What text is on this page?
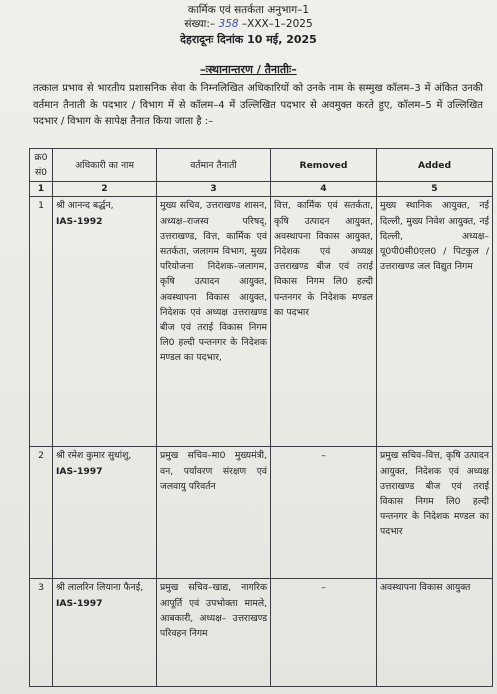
कार्मिक एवं सतर्कता अनुभाग–1
संख्या:– 358 –XXX–1–2025
देहरादूनः दिनांक 10 मई, 2025
–ःस्थानान्तरण / तैनातीः–
तत्काल प्रभाव से भारतीय प्रशासनिक सेवा के निम्नलिखित अधिकारियों को उनके नाम के सम्मुख कॉलम–3 में अंकित उनकी वर्तमान तैनाती के पदभार / विभाग में से कॉलम–4 में उल्लिखित पदभार से अवमुक्त करते हुए, कॉलम–5 में उल्लिखित पदभार / विभाग के सापेक्ष तैनात किया जाता है :–
क्र0 सं0	अधिकारी का नाम	वर्तमान तैनाती	Removed	Added
1	2	3	4	5
1	श्री आनन्द बर्द्धन,
IAS-1992	मुख्य सचिव, उत्तराखण्ड शासन, अध्यक्ष–राजस्व परिषद्, उत्तराखण्ड, वित्त, कार्मिक एवं सतर्कता, जलागम विभाग, मुख्य परियोजना निदेशक–जलागम, कृषि उत्पादन आयुक्त, अवस्थापना विकास आयुक्त, निदेशक एवं अध्यक्ष उत्तराखण्ड बीज एवं तराई विकास निगम लि0 हल्दी पन्तनगर के निदेशक मण्डल का पदभार,	वित्त, कार्मिक एवं सतर्कता, कृषि उत्पादन आयुक्त, अवस्थापना विकास आयुक्त, निदेशक एवं अध्यक्ष उत्तराखण्ड बीज एवं तराई विकास निगम लि0 हल्दी पन्तनगर के निदेशक मण्डल का पदभार	मुख्य स्थानिक आयुक्त, नई दिल्ली, मुख्य निवेश आयुक्त, नई दिल्ली, अध्यक्ष– यू0पी0सी0एल0 / पिटकुल / उत्तराखण्ड जल विद्युत निगम
2	श्री रमेश कुमार सुधांशु,
IAS-1997	प्रमुख सचिव–मा0 मुख्यमंत्री, वन, पर्यावरण संरक्षण एवं जलवायु परिवर्तन	–	प्रमुख सचिव–वित्त, कृषि उत्पादन आयुक्त, निदेशक एवं अध्यक्ष उत्तराखण्ड बीज एवं तराई विकास निगम लि0 हल्दी पन्तनगर के निदेशक मण्डल का पदभार
3	श्री लालरिन लियाना फैनई,
IAS-1997	प्रमुख सचिव–खाद्य, नागरिक आपूर्ति एवं उपभोक्ता मामले, आबकारी, अध्यक्ष– उत्तराखण्ड परिवहन निगम	–	अवस्थापना विकास आयुक्त
